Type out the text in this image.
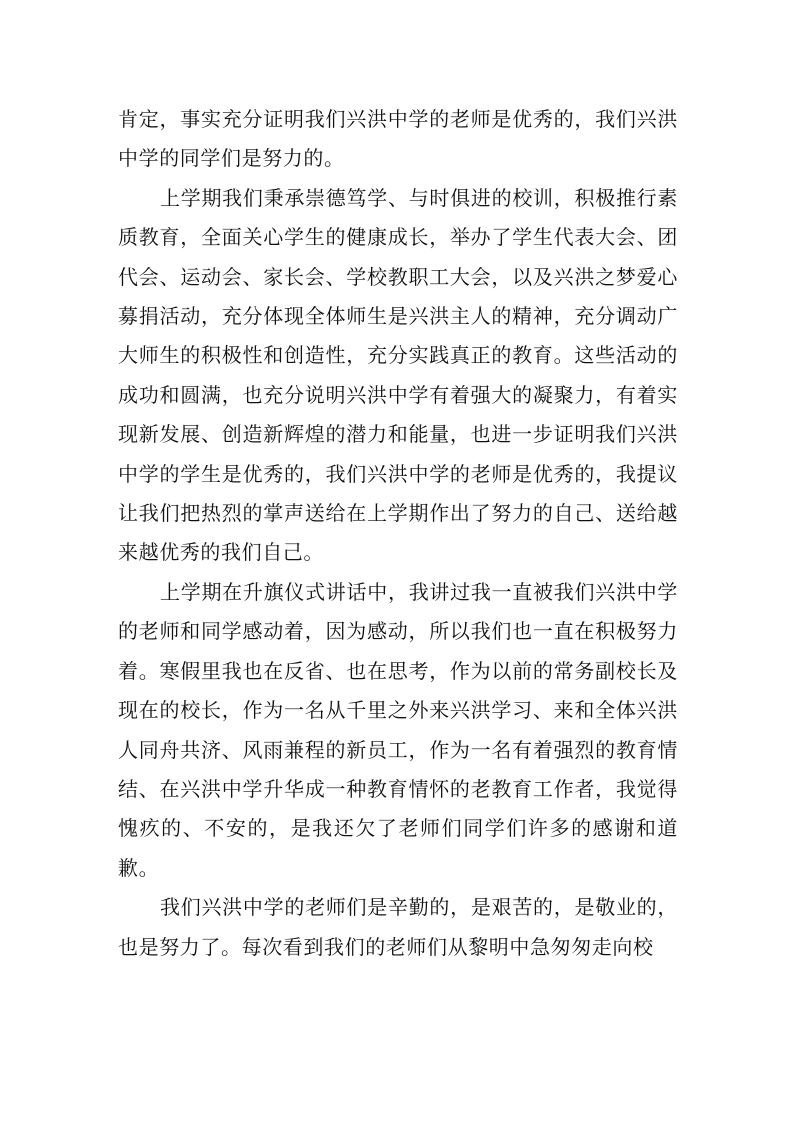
肯定，事实充分证明我们兴洪中学的老师是优秀的，我们兴洪中学的同学们是努力的。

上学期我们秉承崇德笃学、与时俱进的校训，积极推行素质教育，全面关心学生的健康成长，举办了学生代表大会、团代会、运动会、家长会、学校教职工大会，以及兴洪之梦爱心募捐活动，充分体现全体师生是兴洪主人的精神，充分调动广大师生的积极性和创造性，充分实践真正的教育。这些活动的成功和圆满，也充分说明兴洪中学有着强大的凝聚力，有着实现新发展、创造新辉煌的潜力和能量，也进一步证明我们兴洪中学的学生是优秀的，我们兴洪中学的老师是优秀的，我提议让我们把热烈的掌声送给在上学期作出了努力的自己、送给越来越优秀的我们自己。

上学期在升旗仪式讲话中，我讲过我一直被我们兴洪中学的老师和同学感动着，因为感动，所以我们也一直在积极努力着。寒假里我也在反省、也在思考，作为以前的常务副校长及现在的校长，作为一名从千里之外来兴洪学习、来和全体兴洪人同舟共济、风雨兼程的新员工，作为一名有着强烈的教育情结、在兴洪中学升华成一种教育情怀的老教育工作者，我觉得愧疚的、不安的，是我还欠了老师们同学们许多的感谢和道歉。

我们兴洪中学的老师们是辛勤的，是艰苦的，是敬业的，也是努力了。每次看到我们的老师们从黎明中急匆匆走向校
